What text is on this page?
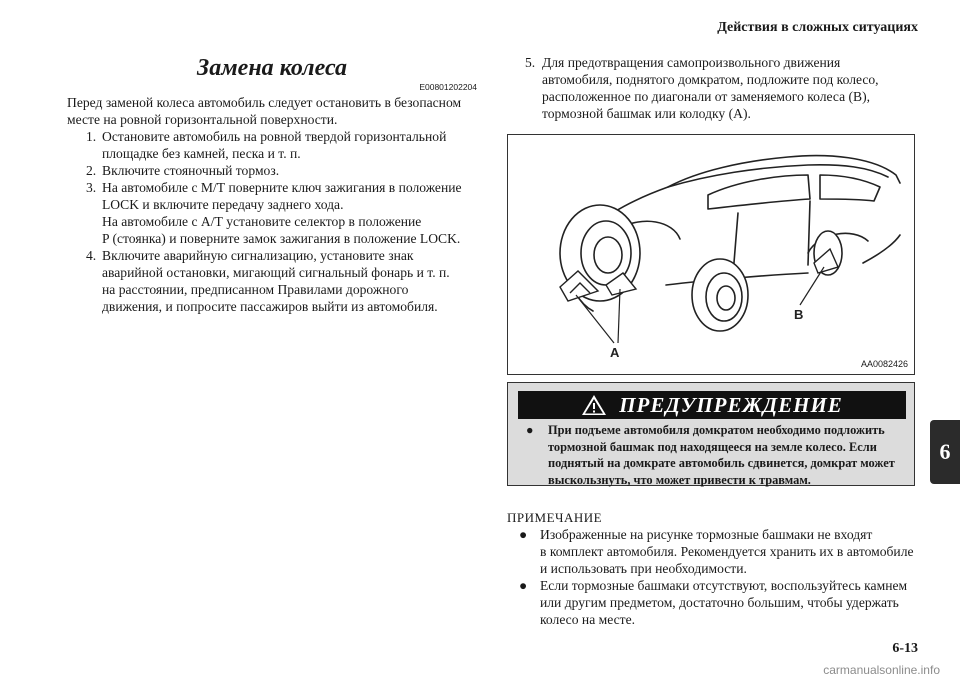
Действия в сложных ситуациях
Замена колеса
E00801202204

Перед заменой колеса автомобиль следует остановить в безопасном
месте на ровной горизонтальной поверхности.

1. Остановите автомобиль на ровной твердой горизонтальной
площадке без камней, песка и т. п.
2. Включите стояночный тормоз.
3. На автомобиле с М/Т поверните ключ зажигания в положение
LOCK и включите передачу заднего хода.
На автомобиле с А/Т установите селектор в положение
P (стоянка) и поверните замок зажигания в положение LOCK.
4. Включите аварийную сигнализацию, установите знак
аварийной остановки, мигающий сигнальный фонарь и т. п.
на расстоянии, предписанном Правилами дорожного
движения, и попросите пассажиров выйти из автомобиля.

5. Для предотвращения самопроизвольного движения
автомобиля, поднятого домкратом, подложите под колесо,
расположенное по диагонали от заменяемого колеса (В),
тормозной башмак или колодку (А).

A
B
AA0082426
ПРЕДУПРЕЖДЕНИЕ
● При подъеме автомобиля домкратом необходимо подложить
тормозной башмак под находящееся на земле колесо. Если
поднятый на домкрате автомобиль сдвинется, домкрат может
выскользнуть, что может привести к травмам.

ПРИМЕЧАНИЕ

● Изображенные на рисунке тормозные башмаки не входят
в комплект автомобиля. Рекомендуется хранить их в автомобиле
и использовать при необходимости.
● Если тормозные башмаки отсутствуют, воспользуйтесь камнем
или другим предметом, достаточно большим, чтобы удержать
колесо на месте.
6
6-13
carmanualsonline.info
